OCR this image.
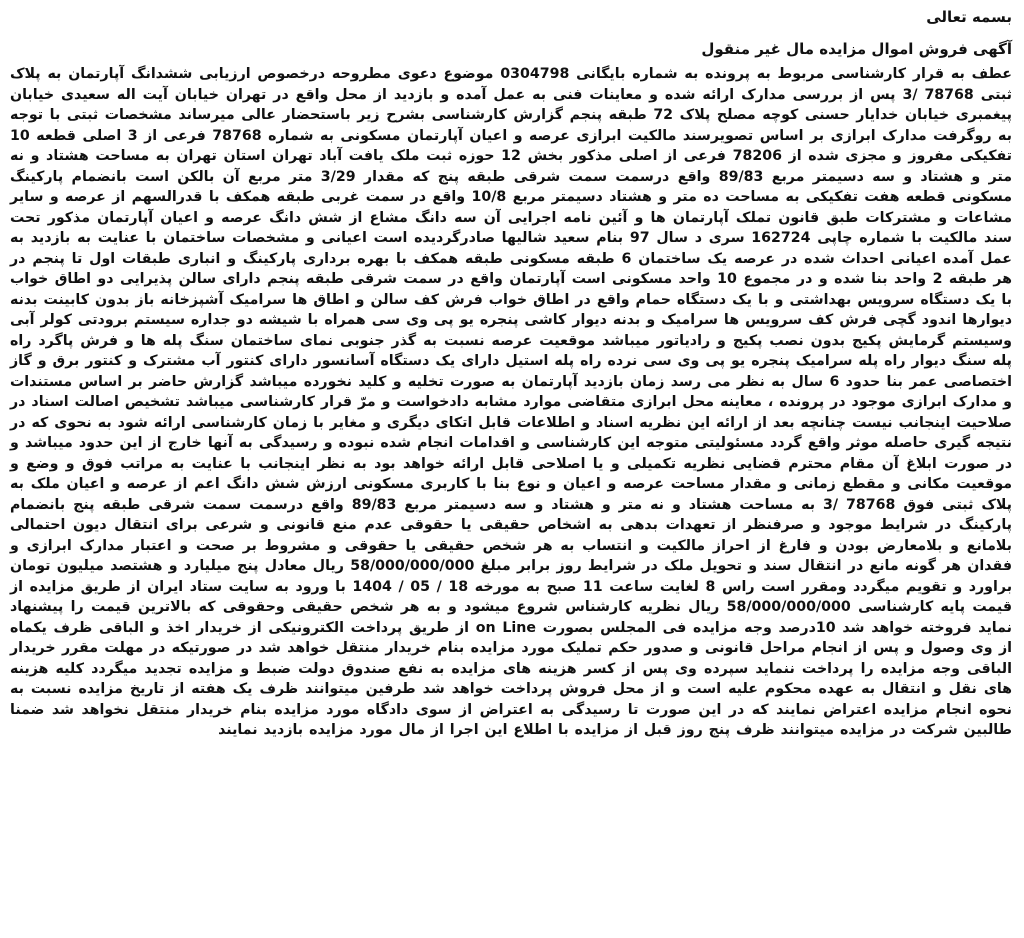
بسمه تعالی
آگهی فروش اموال مزایده مال غیر منقول

عطف به قرار کارشناسی مربوط به پرونده به شماره بایگانی 0304798 موضوع دعوی مطروحه درخصوص ارزیابی ششدانگ آپارتمان به پلاک ثبتی 78768 /3 پس از بررسی مدارک ارائه شده و معاینات فنی به عمل آمده و بازدید از محل واقع در تهران خیابان آیت اله سعیدی خیابان پیغمبری خیابان خدایار حسنی کوچه مصلح پلاک 72 طبقه پنجم گزارش کارشناسی بشرح زیر باستحضار عالی میرساند مشخصات ثبتی با توجه به روگرفت مدارک ابرازی بر اساس تصویرسند مالکیت ابرازی عرصه و اعیان آپارتمان مسکونی به شماره 78768 فرعی از 3 اصلی قطعه 10 تفکیکی مفروز و مجزی شده از 78206 فرعی از اصلی مذکور بخش 12 حوزه ثبت ملک یافت آباد تهران استان تهران به مساحت هشتاد و نه متر و هشتاد و سه دسیمتر مربع 89/83 واقع درسمت سمت شرقی طبقه پنج که مقدار 3/29 متر مربع آن بالکن است بانضمام پارکینگ مسکونی قطعه هفت تفکیکی به مساحت ده متر و هشتاد دسیمتر مربع 10/8 واقع در سمت غربی طبقه همکف با قدرالسهم از عرصه و سایر مشاعات و مشترکات طبق قانون تملک آپارتمان ها و آئین نامه اجرایی آن سه دانگ مشاع از شش دانگ عرصه و اعیان آپارتمان مذکور تحت سند مالکیت با شماره چاپی 162724 سری د سال 97 بنام سعید شالیها صادرگردیده است اعیانی و مشخصات ساختمان با عنایت به بازدید به عمل آمده اعیانی احداث شده در عرصه یک ساختمان 6 طبقه مسکونی طبقه همکف با بهره برداری پارکینگ و انباری طبقات اول تا پنجم در هر طبقه 2 واحد بنا شده و در مجموع 10 واحد مسکونی است آپارتمان واقع در سمت شرقی طبقه پنجم دارای سالن پذیرایی دو اطاق خواب با یک دستگاه سرویس بهداشتی و با یک دستگاه حمام واقع در اطاق خواب فرش کف سالن و اطاق ها سرامیک آشپزخانه باز بدون کابینت بدنه دیوارها اندود گچی فرش کف سرویس ها سرامیک و بدنه دیوار کاشی پنجره یو پی وی سی همراه با شیشه دو جداره سیستم برودتی کولر آبی وسیستم گرمایش پکیج بدون نصب پکیج و رادیاتور میباشد موقعیت عرصه نسبت به گذر جنوبی نمای ساختمان سنگ پله ها و فرش پاگرد راه پله سنگ دیوار راه پله سرامیک پنجره یو پی وی سی نرده راه پله استیل دارای یک دستگاه آسانسور دارای کنتور آب مشترک و کنتور برق و گاز اختصاصی عمر بنا حدود 6 سال به نظر می رسد زمان بازدید آپارتمان به صورت تخلیه و کلید نخورده میباشد گزارش حاضر بر اساس مستندات و مدارک ابرازی موجود در پرونده ، معاینه محل ابرازی متقاضی موارد مشابه دادخواست و مرّ قرار کارشناسی میباشد تشخیص اصالت اسناد در صلاحیت اینجانب نیست چنانچه بعد از ارائه این نظریه اسناد و اطلاعات قابل اتکای دیگری و مغایر با زمان کارشناسی ارائه شود به نحوی که در نتیجه گیری حاصله موثر واقع گردد مسئولیتی متوجه این کارشناسی و اقدامات انجام شده نبوده و رسیدگی به آنها خارج از این حدود میباشد و در صورت ابلاغ آن مقام محترم قضایی نظریه تکمیلی و یا اصلاحی قابل ارائه خواهد بود به نظر اینجانب با عنایت به مراتب فوق و وضع و موقعیت مکانی و مقطع زمانی و مقدار مساحت عرصه و اعیان و نوع بنا با کاربری مسکونی ارزش شش دانگ اعم از عرصه و اعیان ملک به پلاک ثبتی فوق 78768 /3 به مساحت هشتاد و نه متر و هشتاد و سه دسیمتر مربع 89/83 واقع درسمت سمت شرقی طبقه پنج بانضمام پارکینگ در شرایط موجود و صرفنظر از تعهدات بدهی به اشخاص حقیقی یا حقوقی عدم منع قانونی و شرعی برای انتقال دیون احتمالی بلامانع و بلامعارض بودن و فارغ از احراز مالکیت و انتساب به هر شخص حقیقی یا حقوقی و مشروط بر صحت و اعتبار مدارک ابرازی و فقدان هر گونه مانع در انتقال سند و تحویل ملک در شرایط روز برابر مبلغ 58/000/000/000 ریال معادل پنج میلیارد و هشتصد میلیون تومان براورد و تقویم میگردد ومقرر است راس 8 لغایت ساعت 11 صبح به مورخه 18 / 05 / 1404 با ورود به سایت ستاد ایران از طریق مزایده از قیمت پایه کارشناسی 58/000/000/000 ریال نظریه کارشناس شروع میشود و به هر شخص حقیقی وحقوقی که بالاترین قیمت را پیشنهاد نماید فروخته خواهد شد 10درصد وجه مزایده فی المجلس بصورت on Line از طریق پرداخت الکترونیکی از خریدار اخذ و الباقی ظرف یکماه از وی وصول و پس از انجام مراحل قانونی و صدور حکم تملیک مورد مزایده بنام خریدار منتقل خواهد شد در صورتیکه در مهلت مقرر خریدار الباقی وجه مزایده را پرداخت ننماید سپرده وی پس از کسر هزینه های مزایده به نفع صندوق دولت ضبط و مزایده تجدید میگردد کلیه هزینه های نقل و انتقال به عهده محکوم علیه است و از محل فروش پرداخت خواهد شد طرفین میتوانند ظرف یک هفته از تاریخ مزایده نسبت به نحوه انجام مزایده اعتراض نمایند که در این صورت تا رسیدگی به اعتراض از سوی دادگاه مورد مزایده بنام خریدار منتقل نخواهد شد ضمنا طالبین شرکت در مزایده میتوانند ظرف پنج روز قبل از مزایده با اطلاع این اجرا از مال مورد مزایده بازدید نمایند
